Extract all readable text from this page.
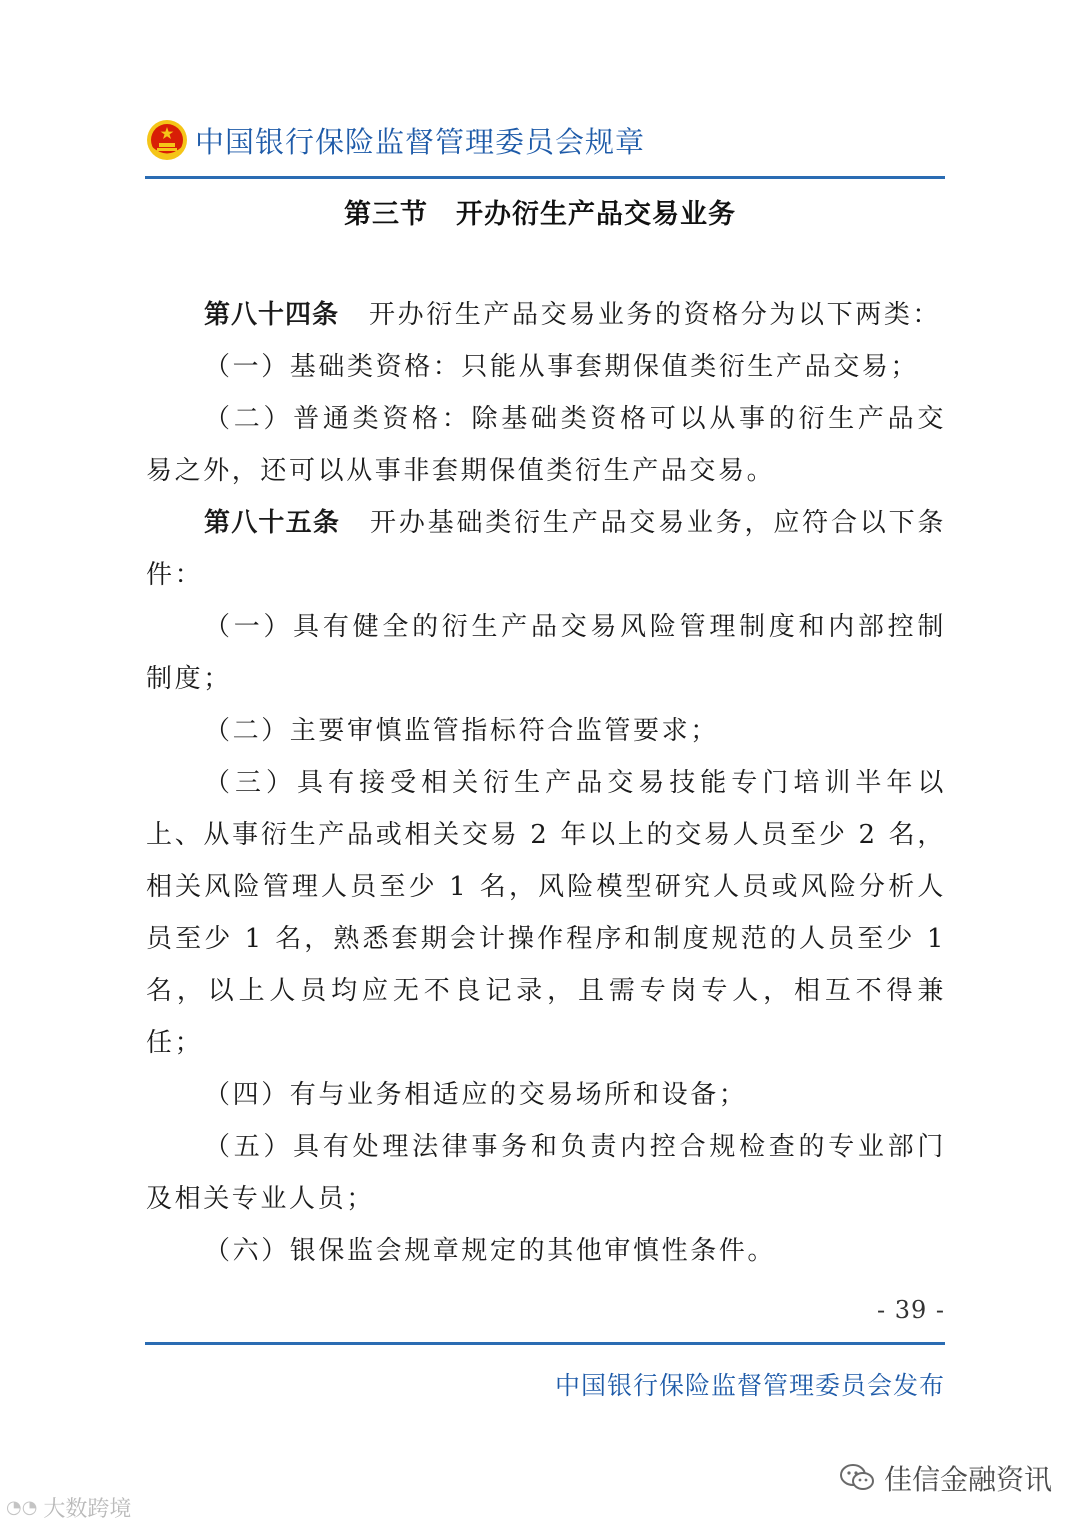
中国银行保险监督管理委员会规章
第三节　开办衍生产品交易业务

第八十四条 开办衍生产品交易业务的资格分为以下两类：

（一）基础类资格：只能从事套期保值类衍生产品交易；

（二）普通类资格：除基础类资格可以从事的衍生产品交易之外，还可以从事非套期保值类衍生产品交易。

第八十五条 开办基础类衍生产品交易业务，应符合以下条件：

（一）具有健全的衍生产品交易风险管理制度和内部控制制度；

（二）主要审慎监管指标符合监管要求；

（三）具有接受相关衍生产品交易技能专门培训半年以上、从事衍生产品或相关交易 2 年以上的交易人员至少 2 名，相关风险管理人员至少 1 名，风险模型研究人员或风险分析人员至少 1 名，熟悉套期会计操作程序和制度规范的人员至少 1 名，以上人员均应无不良记录，且需专岗专人，相互不得兼任；

（四）有与业务相适应的交易场所和设备；

（五）具有处理法律事务和负责内控合规检查的专业部门及相关专业人员；

（六）银保监会规章规定的其他审慎性条件。

- 39 -
中国银行保险监督管理委员会发布
◔◔ 大数跨境
佳信金融资讯
